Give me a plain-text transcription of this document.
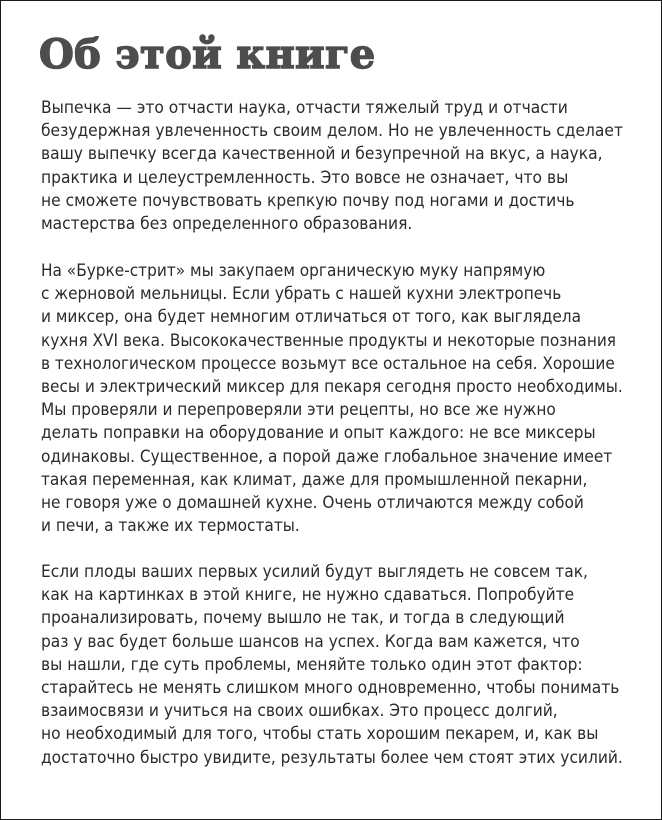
Об этой книге

Выпечка — это отчасти наука, отчасти тяжелый труд и отчасти
безудержная увлеченность своим делом. Но не увлеченность сделает
вашу выпечку всегда качественной и безупречной на вкус, а наука,
практика и целеустремленность. Это вовсе не означает, что вы
не сможете почувствовать крепкую почву под ногами и достичь
мастерства без определенного образования.

На «Бурке-стрит» мы закупаем органическую муку напрямую
с жерновой мельницы. Если убрать с нашей кухни электропечь
и миксер, она будет немногим отличаться от того, как выглядела
кухня XVI века. Высококачественные продукты и некоторые познания
в технологическом процессе возьмут все остальное на себя. Хорошие
весы и электрический миксер для пекаря сегодня просто необходимы.
Мы проверяли и перепроверяли эти рецепты, но все же нужно
делать поправки на оборудование и опыт каждого: не все миксеры
одинаковы. Существенное, а порой даже глобальное значение имеет
такая переменная, как климат, даже для промышленной пекарни,
не говоря уже о домашней кухне. Очень отличаются между собой
и печи, а также их термостаты.

Если плоды ваших первых усилий будут выглядеть не совсем так,
как на картинках в этой книге, не нужно сдаваться. Попробуйте
проанализировать, почему вышло не так, и тогда в следующий
раз у вас будет больше шансов на успех. Когда вам кажется, что
вы нашли, где суть проблемы, меняйте только один этот фактор:
старайтесь не менять слишком много одновременно, чтобы понимать
взаимосвязи и учиться на своих ошибках. Это процесс долгий,
но необходимый для того, чтобы стать хорошим пекарем, и, как вы
достаточно быстро увидите, результаты более чем стоят этих усилий.
